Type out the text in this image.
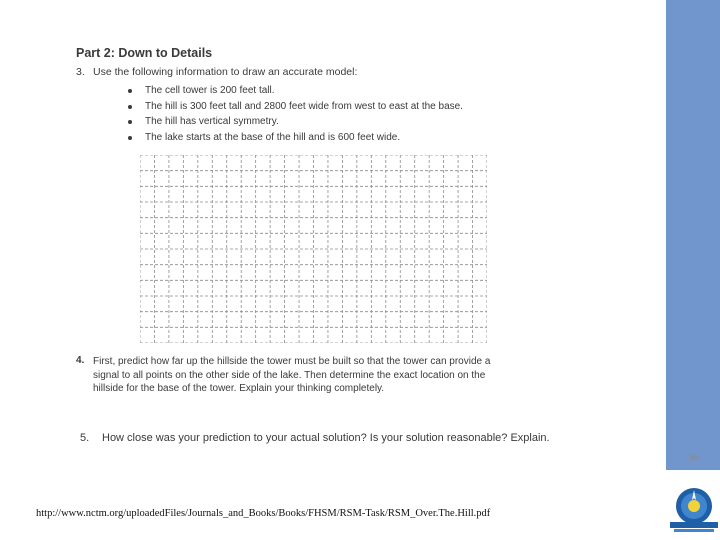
36
Part 2: Down to Details
3. Use the following information to draw an accurate model:
The cell tower is 200 feet tall.
The hill is 300 feet tall and 2800 feet wide from west to east at the base.
The hill has vertical symmetry.
The lake starts at the base of the hill and is 600 feet wide.
4. First, predict how far up the hillside the tower must be built so that the tower can provide a
signal to all points on the other side of the lake. Then determine the exact location on the
hillside for the base of the tower. Explain your thinking completely.
5. How close was your prediction to your actual solution? Is your solution reasonable? Explain.
http://www.nctm.org/uploadedFiles/Journals_and_Books/Books/FHSM/RSM-Task/RSM_Over.The.Hill.pdf
